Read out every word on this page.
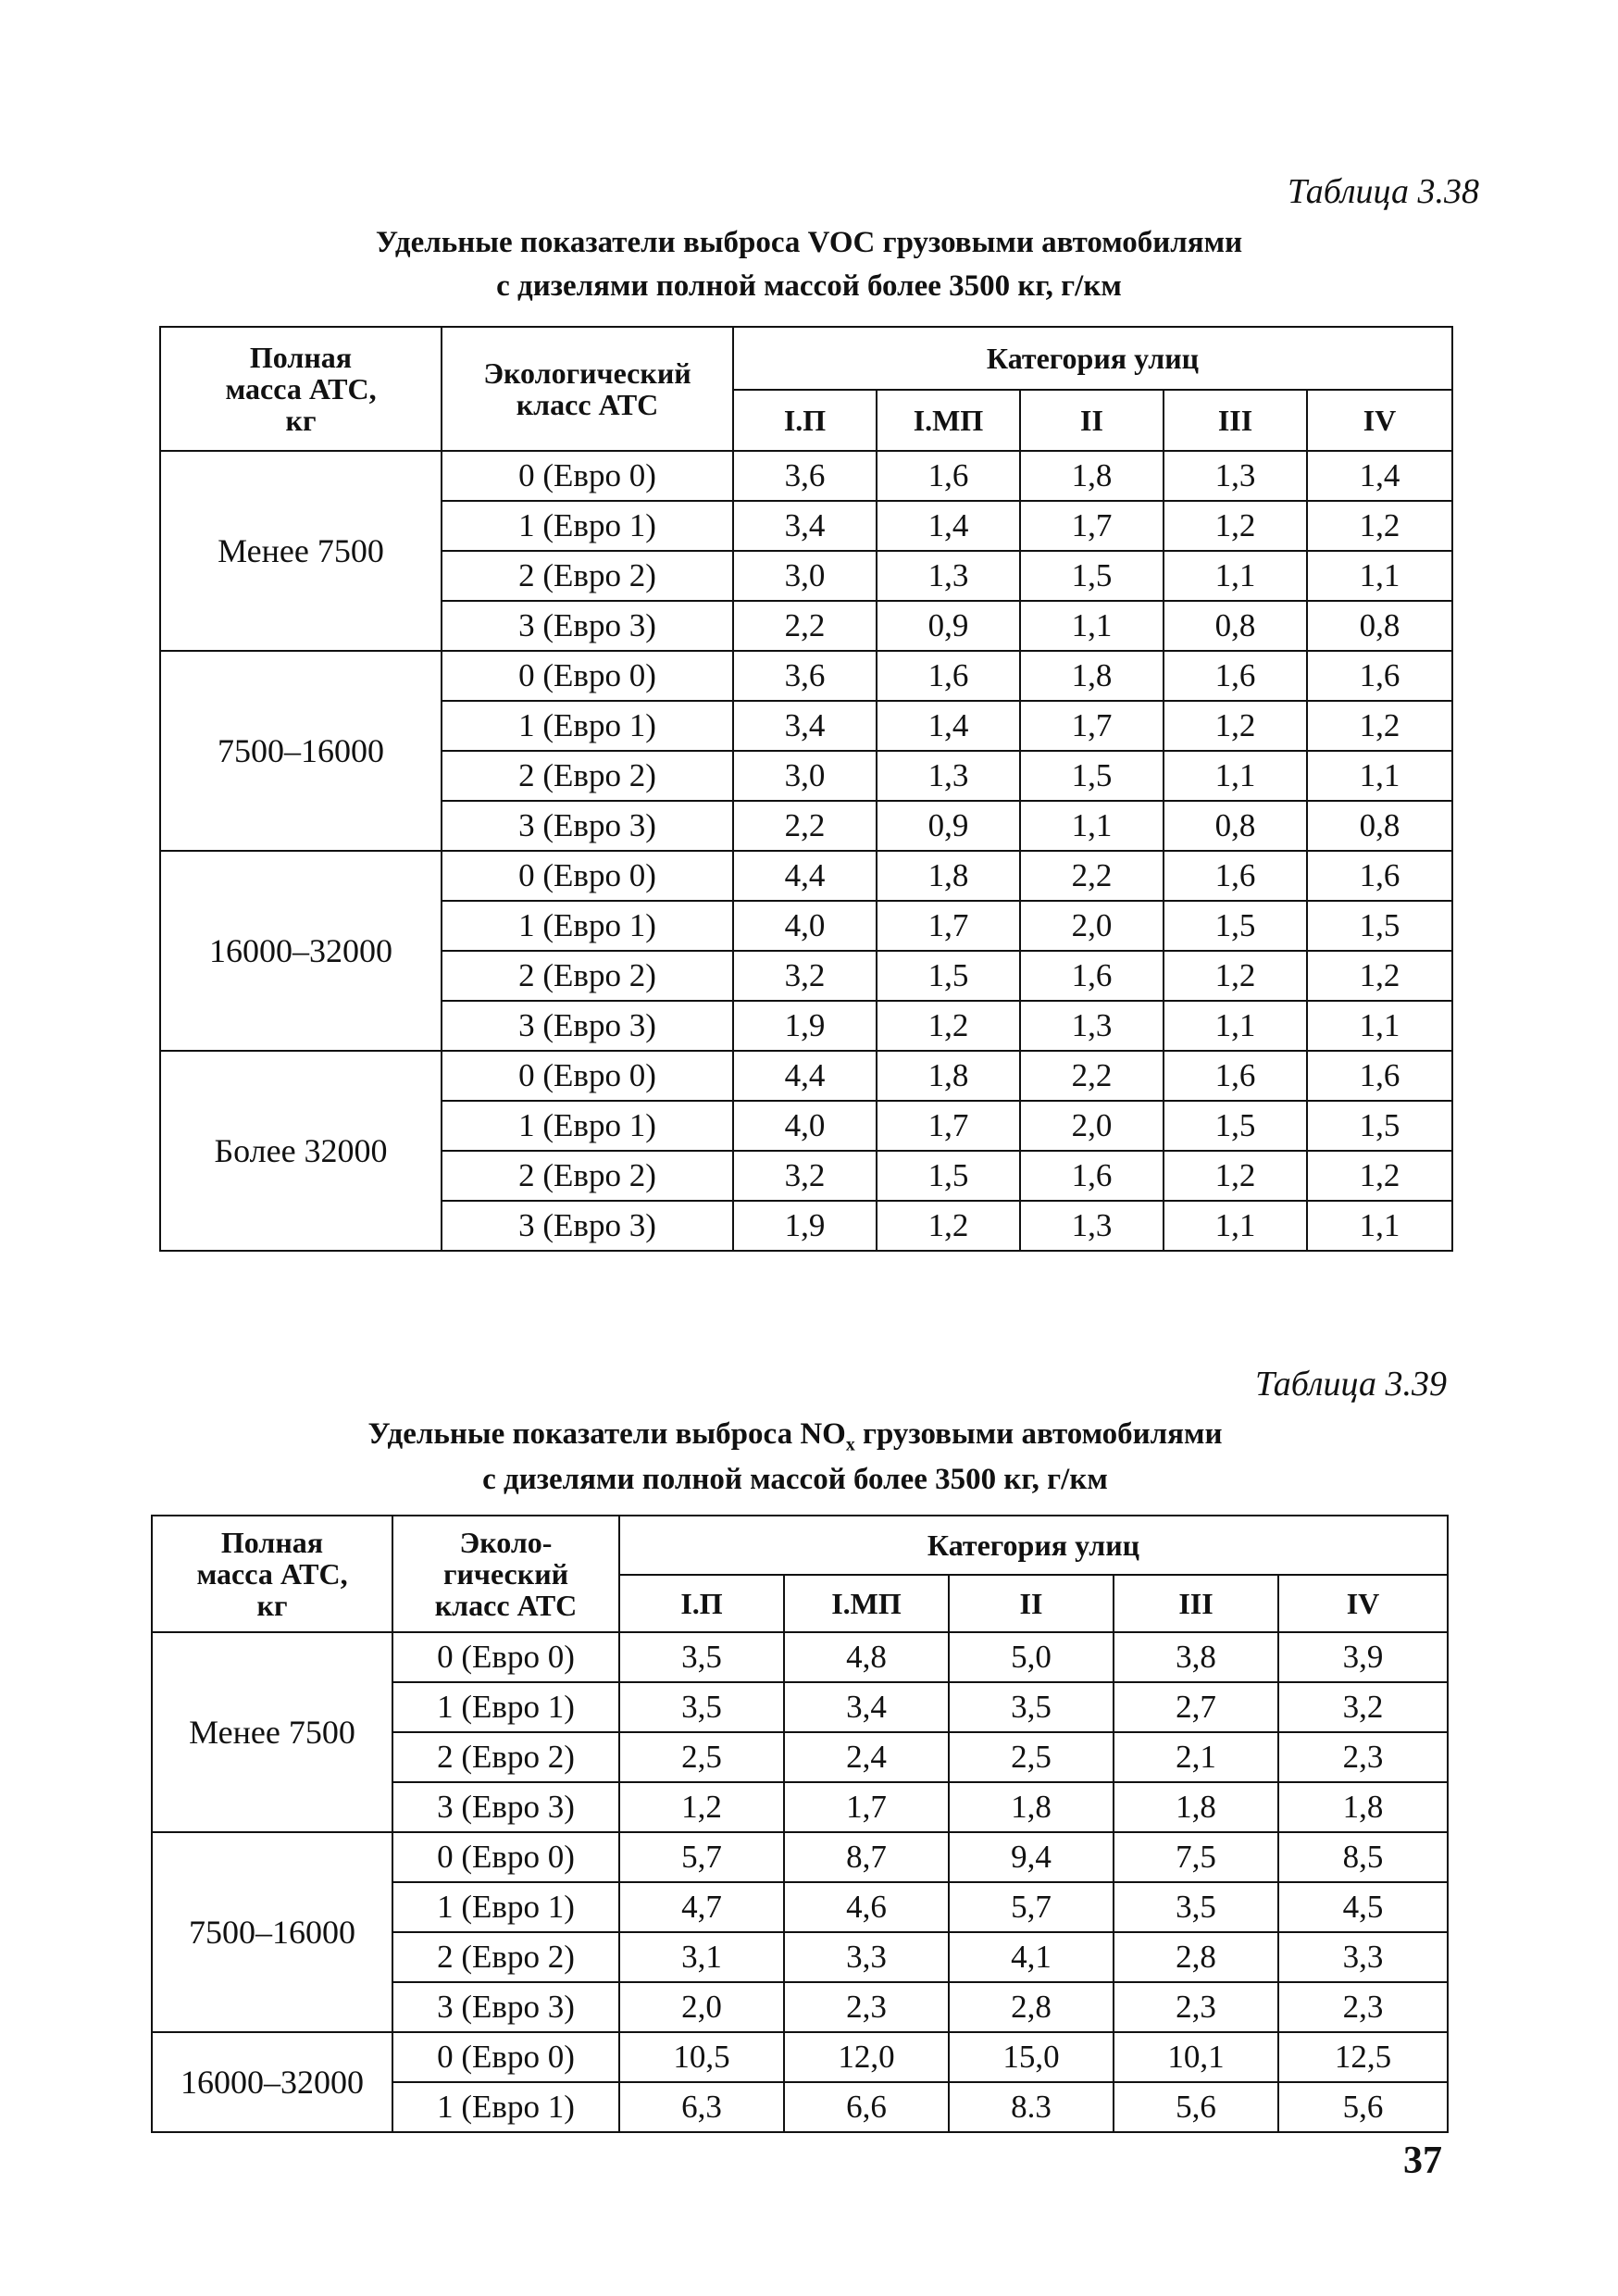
Таблица 3.38
Удельные показатели выброса VOC грузовыми автомобилями
с дизелями полной массой более 3500 кг, г/км
Полная
масса АТС,
кг	Экологический
класс АТС	Категория улиц				
		I.П	I.МП	II	III	IV
Менее 7500	0 (Евро 0)	3,6	1,6	1,8	1,3	1,4
	1 (Евро 1)	3,4	1,4	1,7	1,2	1,2
	2 (Евро 2)	3,0	1,3	1,5	1,1	1,1
	3 (Евро 3)	2,2	0,9	1,1	0,8	0,8
7500–16000	0 (Евро 0)	3,6	1,6	1,8	1,6	1,6
	1 (Евро 1)	3,4	1,4	1,7	1,2	1,2
	2 (Евро 2)	3,0	1,3	1,5	1,1	1,1
	3 (Евро 3)	2,2	0,9	1,1	0,8	0,8
16000–32000	0 (Евро 0)	4,4	1,8	2,2	1,6	1,6
	1 (Евро 1)	4,0	1,7	2,0	1,5	1,5
	2 (Евро 2)	3,2	1,5	1,6	1,2	1,2
	3 (Евро 3)	1,9	1,2	1,3	1,1	1,1
Более 32000	0 (Евро 0)	4,4	1,8	2,2	1,6	1,6
	1 (Евро 1)	4,0	1,7	2,0	1,5	1,5
	2 (Евро 2)	3,2	1,5	1,6	1,2	1,2
	3 (Евро 3)	1,9	1,2	1,3	1,1	1,1
Таблица 3.39
Удельные показатели выброса $NO_x$ грузовыми автомобилями
с дизелями полной массой более 3500 кг, г/км
Полная
масса АТС,
кг	Эколо-
гический
класс АТС	Категория улиц				
		I.П	I.МП	II	III	IV
Менее 7500	0 (Евро 0)	3,5	4,8	5,0	3,8	3,9
	1 (Евро 1)	3,5	3,4	3,5	2,7	3,2
	2 (Евро 2)	2,5	2,4	2,5	2,1	2,3
	3 (Евро 3)	1,2	1,7	1,8	1,8	1,8
7500–16000	0 (Евро 0)	5,7	8,7	9,4	7,5	8,5
	1 (Евро 1)	4,7	4,6	5,7	3,5	4,5
	2 (Евро 2)	3,1	3,3	4,1	2,8	3,3
	3 (Евро 3)	2,0	2,3	2,8	2,3	2,3
16000–32000	0 (Евро 0)	10,5	12,0	15,0	10,1	12,5
	1 (Евро 1)	6,3	6,6	8.3	5,6	5,6
37
